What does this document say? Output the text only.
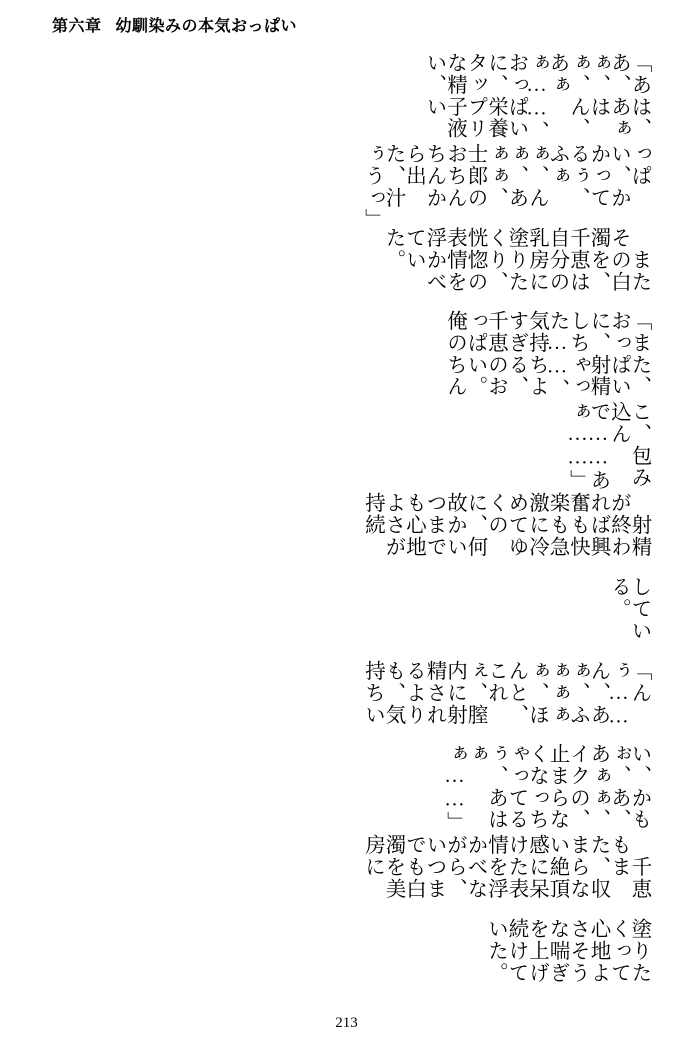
第六章 幼馴染みの本気おっぱい
「あは、あ、あぁぁ、はぁ、ん、あぁぁ……、おっぱいに、栄養タップリな精子液い、い
っぱい、かかってるぅ、ふぁぁ、んぁ、あぁぁ、士郎のおちんちんから出た、汁ぅうっ」
　またその白濁を、千恵は自分の乳房に塗りたくり、恍惚の表情を浮かべていた。
「また、おっぱいに、射精しちゃった……、気持ちよすぎる、千恵のおっぱい。俺のちん
こ、包み込んで……あぁ……」
　射精が終われば興奮も快楽も急激に冷めてゆくのに、何故かいつまでも心地よさが持続
している。
「んぅ……ん、あぁ、ふぁぁぁぁ、ほんと、これぇ、膣内に射精されるよりも、気持ちい
い、かもぉ、あ、あぁぁ、イクの、止まらなくなっちゃってるぅ、あはぁぁ……」
　千恵もまた、収まらない絶頂感に呆けた表情を浮かべながら、いつまでも白濁を美房に
塗りたくって心地よさそうな喘ぎを上げ続けていた。
213
